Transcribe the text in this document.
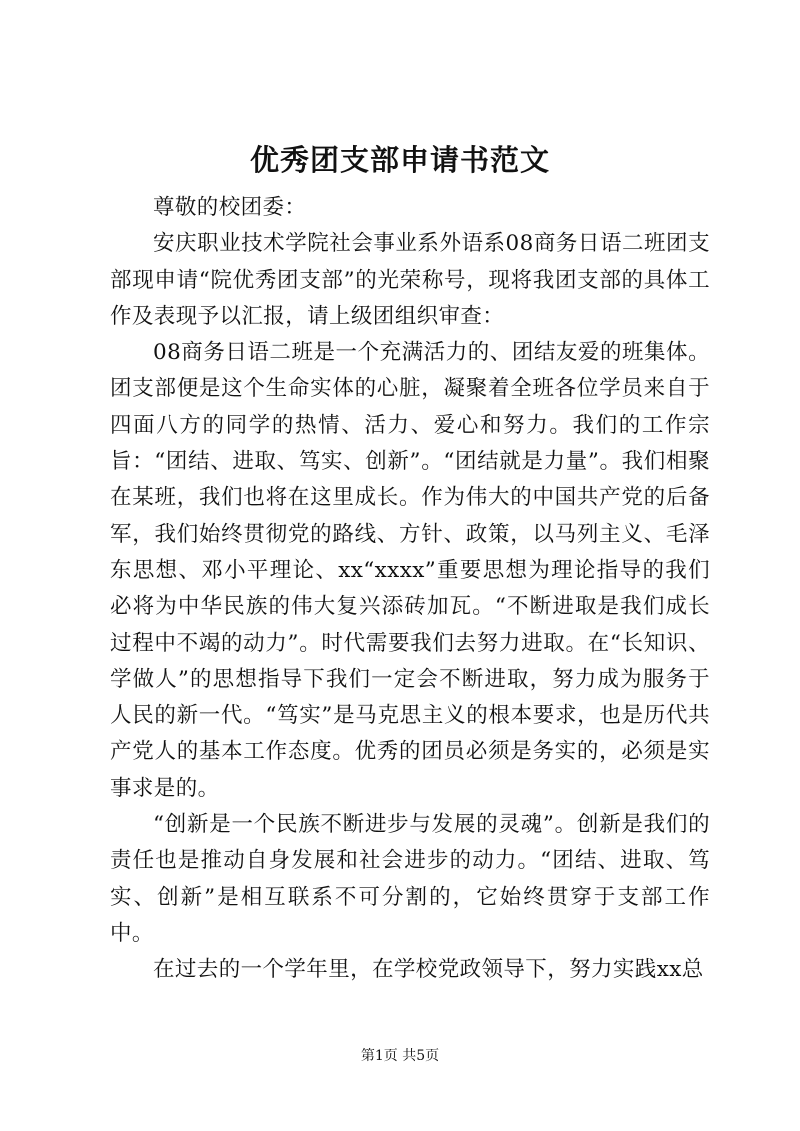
优秀团支部申请书范文

尊敬的校团委：

安庆职业技术学院社会事业系外语系08商务日语二班团支部现申请“院优秀团支部”的光荣称号，现将我团支部的具体工作及表现予以汇报，请上级团组织审查：

08商务日语二班是一个充满活力的、团结友爱的班集体。团支部便是这个生命实体的心脏，凝聚着全班各位学员来自于四面八方的同学的热情、活力、爱心和努力。我们的工作宗旨：“团结、进取、笃实、创新”。“团结就是力量”。我们相聚在某班，我们也将在这里成长。作为伟大的中国共产党的后备军，我们始终贯彻党的路线、方针、政策，以马列主义、毛泽东思想、邓小平理论、xx“xxxx”重要思想为理论指导的我们必将为中华民族的伟大复兴添砖加瓦。“不断进取是我们成长过程中不竭的动力”。时代需要我们去努力进取。在“长知识、学做人”的思想指导下我们一定会不断进取，努力成为服务于人民的新一代。“笃实”是马克思主义的根本要求，也是历代共产党人的基本工作态度。优秀的团员必须是务实的，必须是实事求是的。

“创新是一个民族不断进步与发展的灵魂”。创新是我们的责任也是推动自身发展和社会进步的动力。“团结、进取、笃实、创新”是相互联系不可分割的，它始终贯穿于支部工作中。

在过去的一个学年里，在学校党政领导下，努力实践xx总

第1页 共5页
